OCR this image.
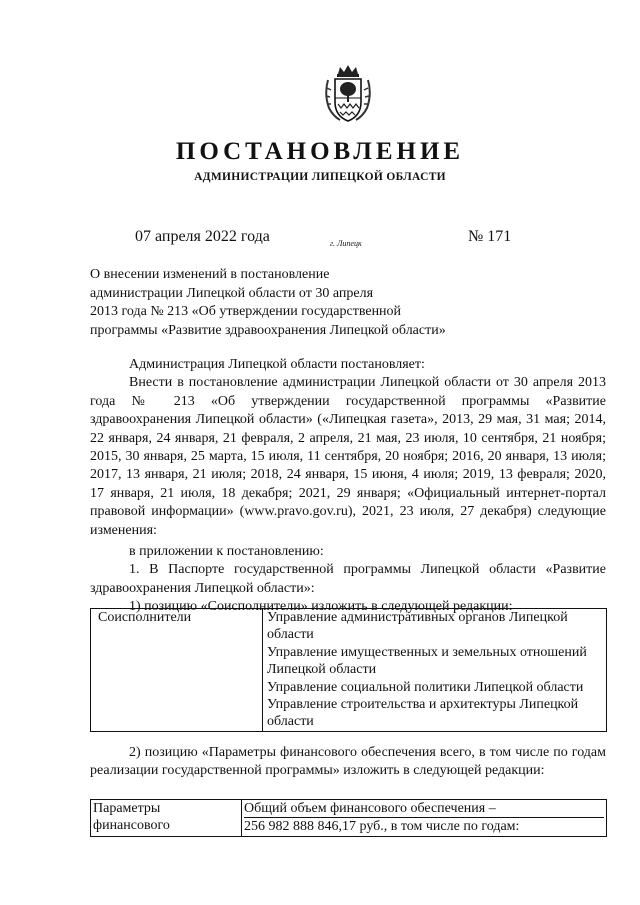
ПОСТАНОВЛЕНИЕ
АДМИНИСТРАЦИИ ЛИПЕЦКОЙ ОБЛАСТИ
07 апреля 2022 года	г. Липецк	№ 171
О внесении изменений в постановление
администрации Липецкой области от 30 апреля
2013 года № 213 «Об утверждении государственной
программы «Развитие здравоохранения Липецкой области»

Администрация Липецкой области постановляет:

Внести в постановление администрации Липецкой области от 30 апреля 2013 года № 213 «Об утверждении государственной программы «Развитие здравоохранения Липецкой области» («Липецкая газета», 2013, 29 мая, 31 мая; 2014, 22 января, 24 января, 21 февраля, 2 апреля, 21 мая, 23 июля, 10 сентября, 21 ноября; 2015, 30 января, 25 марта, 15 июля, 11 сентября, 20 ноября; 2016, 20 января, 13 июля; 2017, 13 января, 21 июля; 2018, 24 января, 15 июня, 4 июля; 2019, 13 февраля; 2020, 17 января, 21 июля, 18 декабря; 2021, 29 января; «Официальный интернет-портал правовой информации» (www.pravo.gov.ru), 2021, 23 июля, 27 декабря) следующие изменения:

в приложении к постановлению:

1. В Паспорте государственной программы Липецкой области «Развитие здравоохранения Липецкой области»:

1) позицию «Соисполнители» изложить в следующей редакции:

Соисполнители	Управление административных органов Липецкой области
Управление имущественных и земельных отношений Липецкой области
Управление социальной политики Липецкой области
Управление строительства и архитектуры Липецкой области

2) позицию «Параметры финансового обеспечения всего, в том числе по годам реализации государственной программы» изложить в следующей редакции:

Параметры
финансового

Общий объем финансового обеспечения –
256 982 888 846,17 руб., в том числе по годам:
